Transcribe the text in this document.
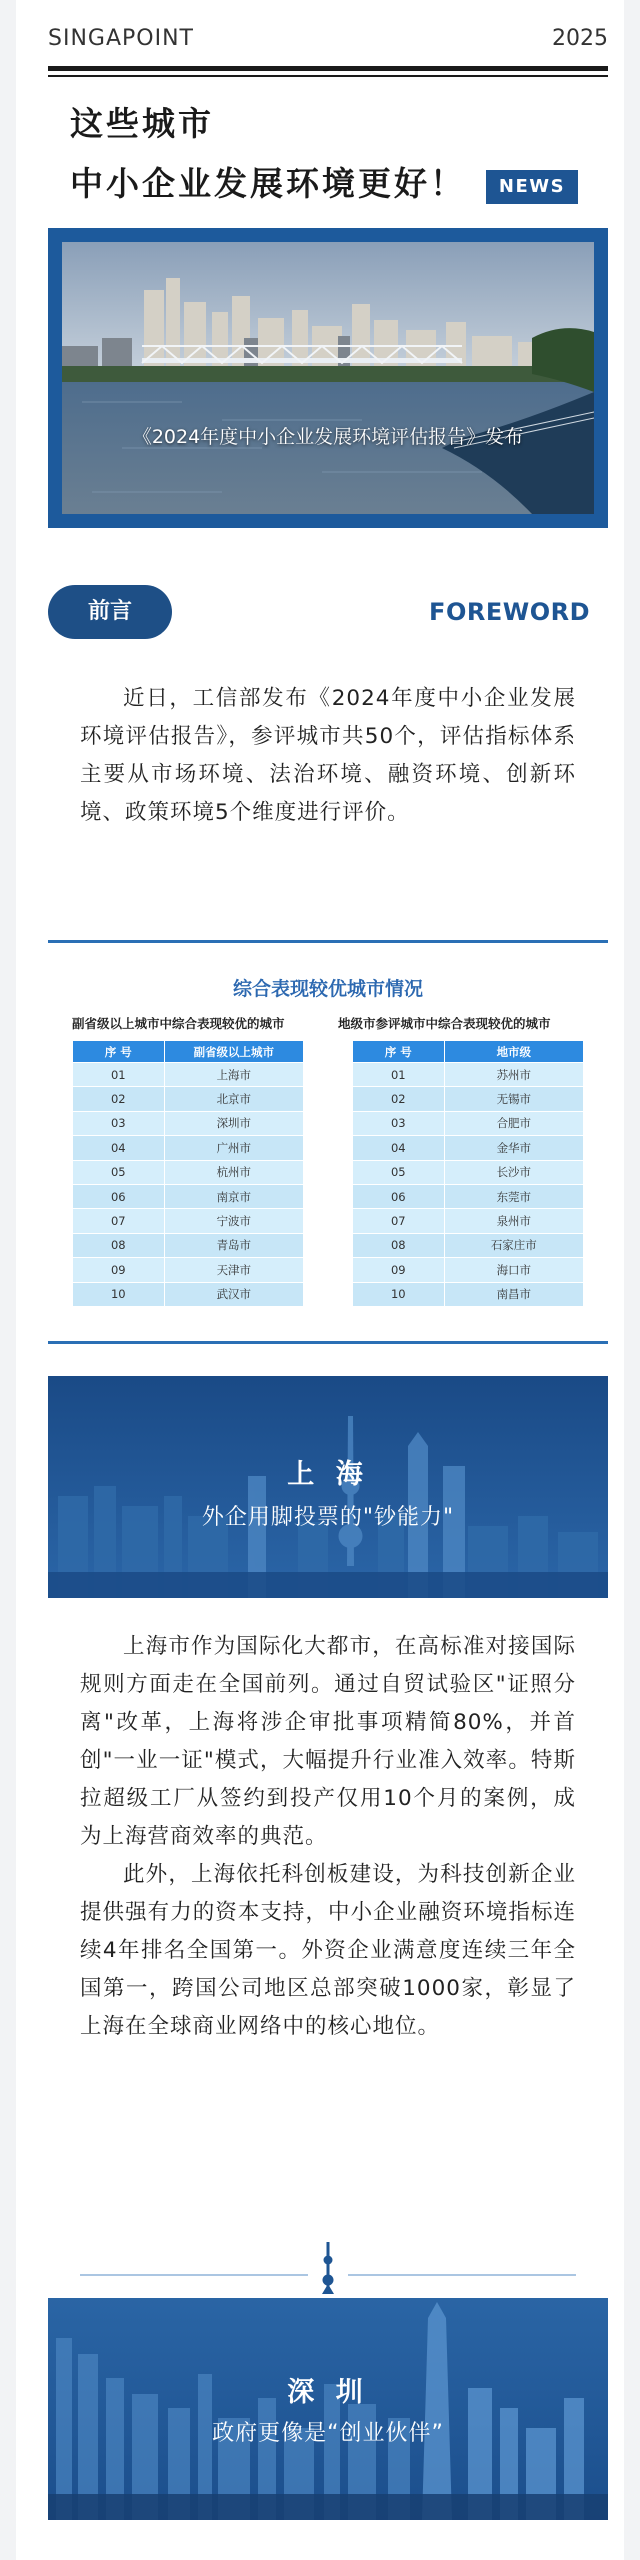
SINGAPOINT	2025
这些城市
中小企业发展环境更好！	NEWS
《2024年度中小企业发展环境评估报告》发布
前言	FOREWORD

近日，工信部发布《2024年度中小企业发展环境评估报告》，参评城市共50个，评估指标体系主要从市场环境、法治环境、融资环境、创新环境、政策环境5个维度进行评价。

综合表现较优城市情况
副省级以上城市中综合表现较优的城市	地级市参评城市中综合表现较优的城市
序 号	副省级以上城市
01	上海市
02	北京市
03	深圳市
04	广州市
05	杭州市
06	南京市
07	宁波市
08	青岛市
09	天津市
10	武汉市
序 号	地市级
01	苏州市
02	无锡市
03	合肥市
04	金华市
05	长沙市
06	东莞市
07	泉州市
08	石家庄市
09	海口市
10	南昌市
上 海
外企用脚投票的"钞能力"

上海市作为国际化大都市，在高标准对接国际规则方面走在全国前列。通过自贸试验区"证照分离"改革，上海将涉企审批事项精简80%，并首创"一业一证"模式，大幅提升行业准入效率。特斯拉超级工厂从签约到投产仅用10个月的案例，成为上海营商效率的典范。

此外，上海依托科创板建设，为科技创新企业提供强有力的资本支持，中小企业融资环境指标连续4年排名全国第一。外资企业满意度连续三年全国第一，跨国公司地区总部突破1000家，彰显了上海在全球商业网络中的核心地位。

深 圳
政府更像是“创业伙伴”
